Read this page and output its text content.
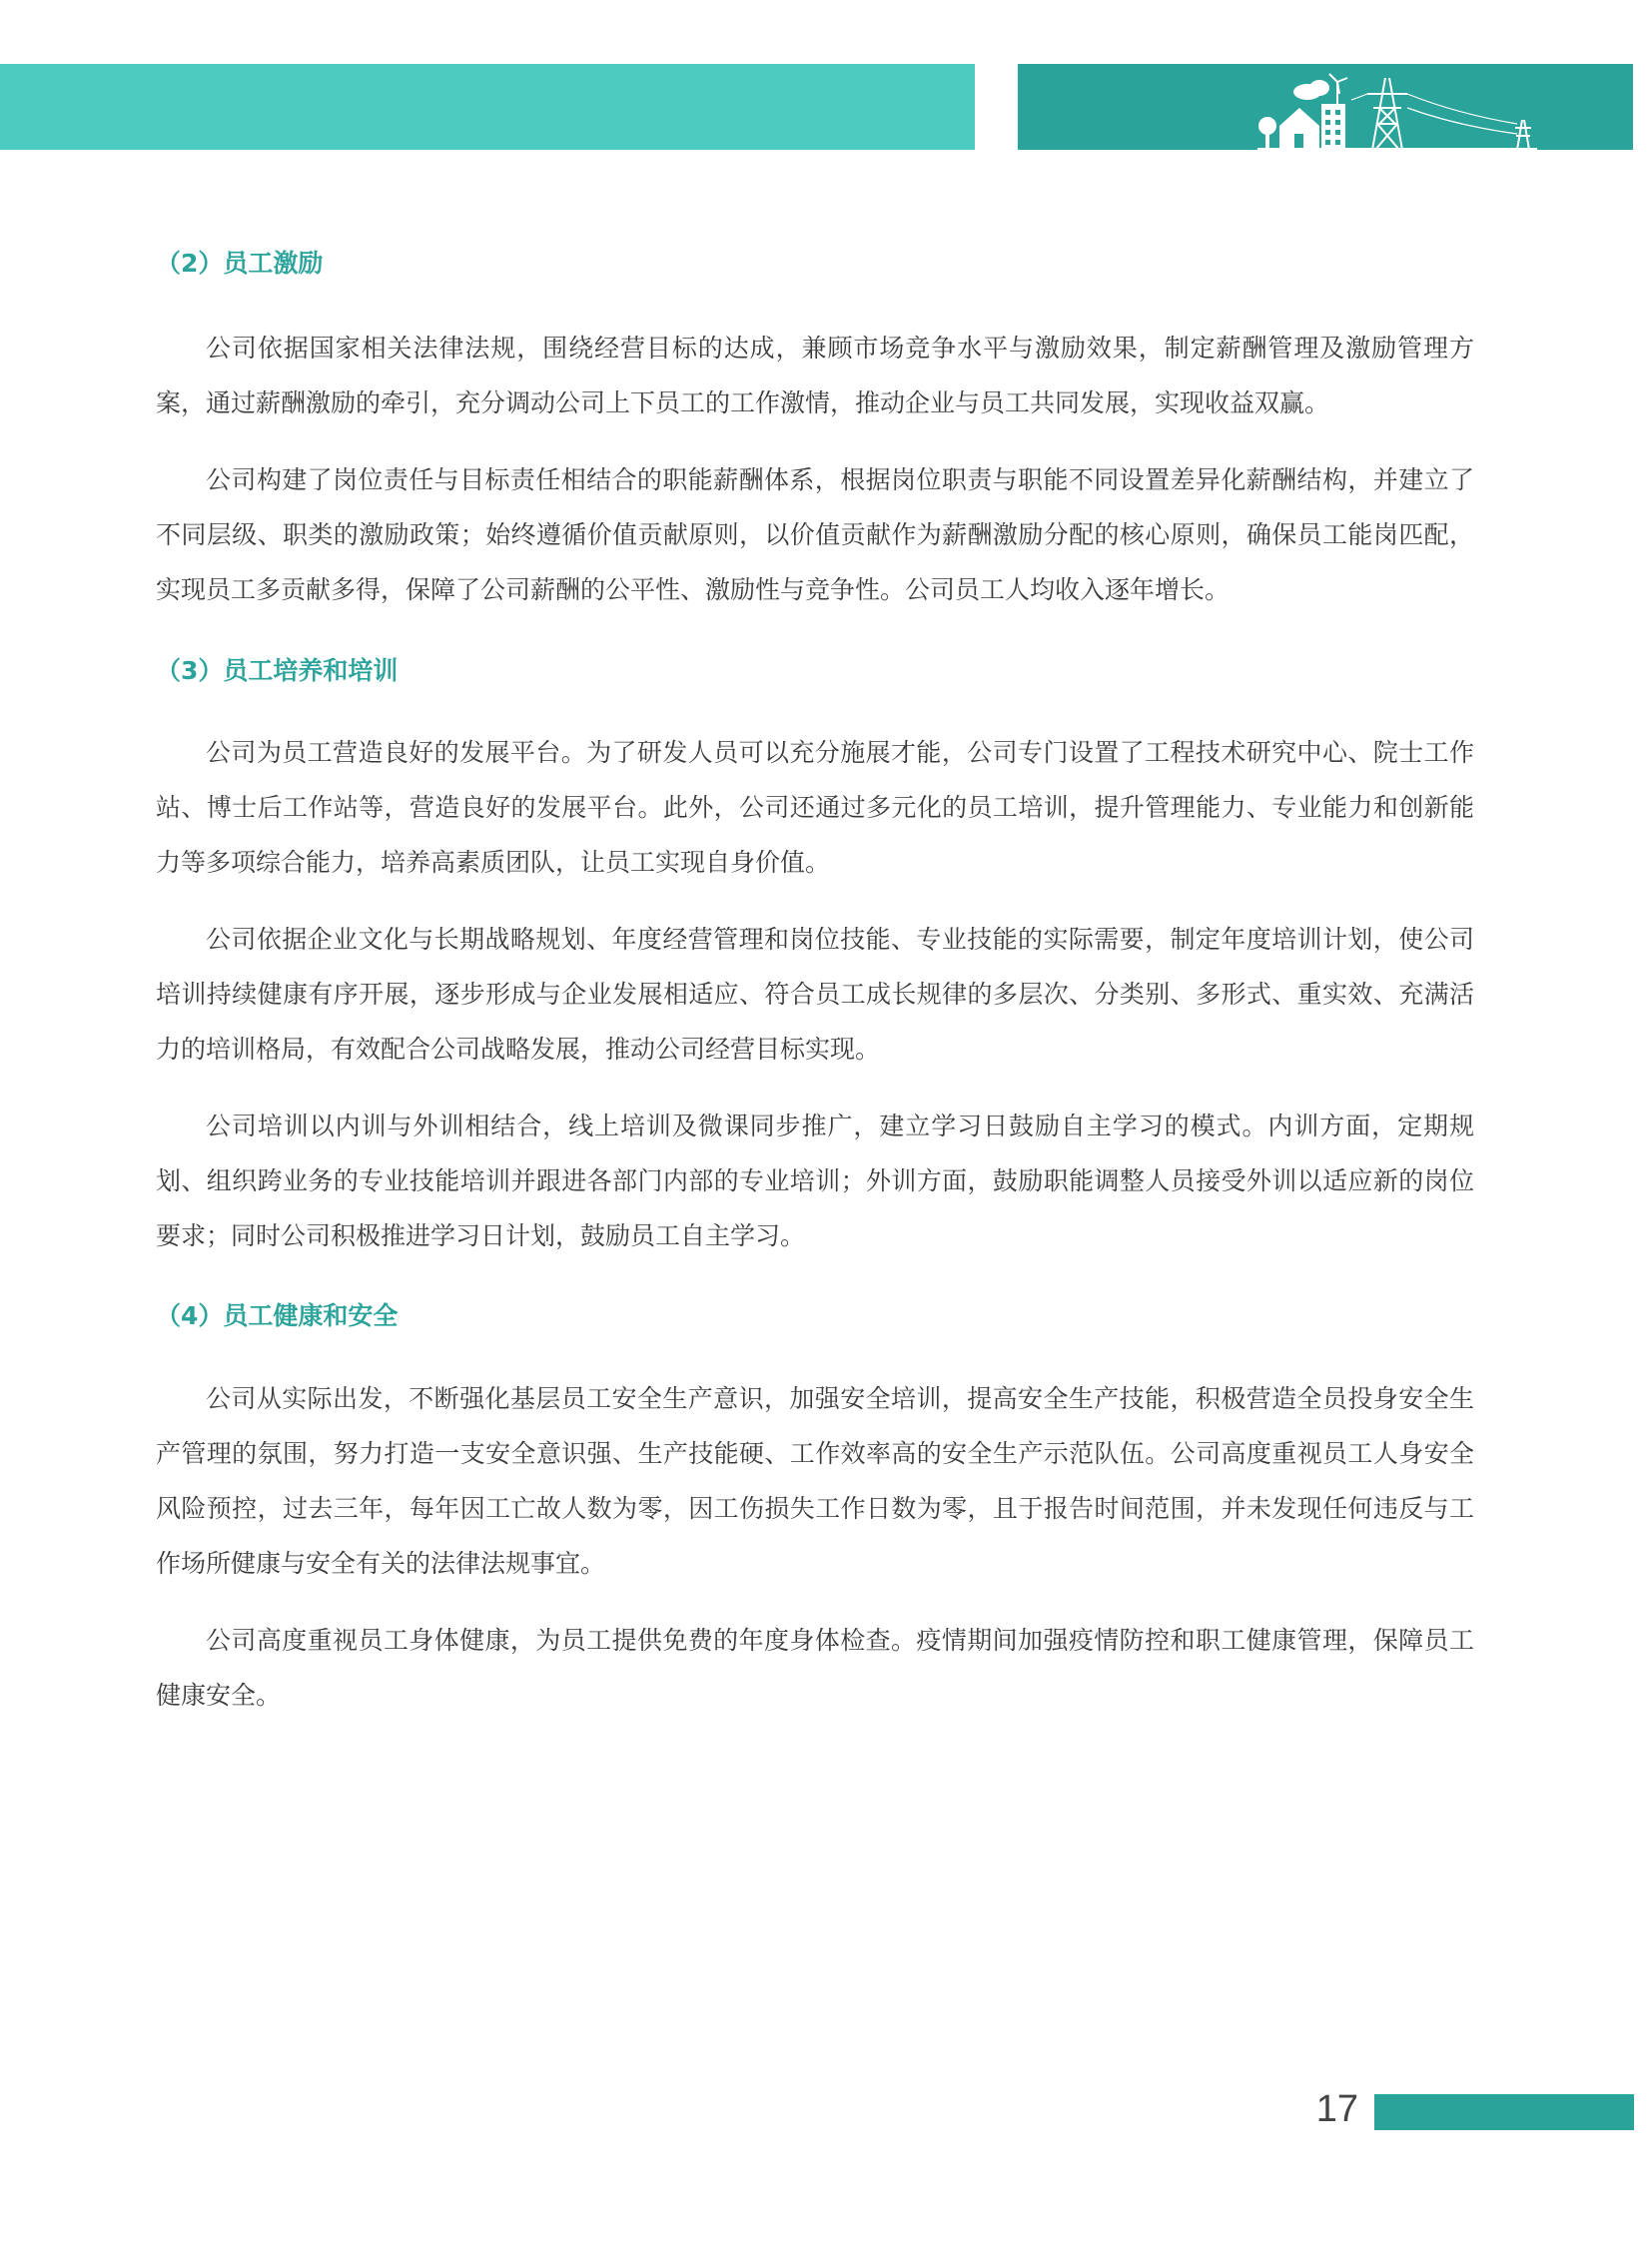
（2）员工激励

公司依据国家相关法律法规，围绕经营目标的达成，兼顾市场竞争水平与激励效果，制定薪酬管理及激励管理方案，通过薪酬激励的牵引，充分调动公司上下员工的工作激情，推动企业与员工共同发展，实现收益双赢。

公司构建了岗位责任与目标责任相结合的职能薪酬体系，根据岗位职责与职能不同设置差异化薪酬结构，并建立了不同层级、职类的激励政策；始终遵循价值贡献原则，以价值贡献作为薪酬激励分配的核心原则，确保员工能岗匹配，实现员工多贡献多得，保障了公司薪酬的公平性、激励性与竞争性。公司员工人均收入逐年增长。

（3）员工培养和培训

公司为员工营造良好的发展平台。为了研发人员可以充分施展才能，公司专门设置了工程技术研究中心、院士工作站、博士后工作站等，营造良好的发展平台。此外，公司还通过多元化的员工培训，提升管理能力、专业能力和创新能力等多项综合能力，培养高素质团队，让员工实现自身价值。

公司依据企业文化与长期战略规划、年度经营管理和岗位技能、专业技能的实际需要，制定年度培训计划，使公司培训持续健康有序开展，逐步形成与企业发展相适应、符合员工成长规律的多层次、分类别、多形式、重实效、充满活力的培训格局，有效配合公司战略发展，推动公司经营目标实现。

公司培训以内训与外训相结合，线上培训及微课同步推广，建立学习日鼓励自主学习的模式。内训方面，定期规划、组织跨业务的专业技能培训并跟进各部门内部的专业培训；外训方面，鼓励职能调整人员接受外训以适应新的岗位要求；同时公司积极推进学习日计划，鼓励员工自主学习。

（4）员工健康和安全

公司从实际出发，不断强化基层员工安全生产意识，加强安全培训，提高安全生产技能，积极营造全员投身安全生产管理的氛围，努力打造一支安全意识强、生产技能硬、工作效率高的安全生产示范队伍。公司高度重视员工人身安全风险预控，过去三年，每年因工亡故人数为零，因工伤损失工作日数为零，且于报告时间范围，并未发现任何违反与工作场所健康与安全有关的法律法规事宜。

公司高度重视员工身体健康，为员工提供免费的年度身体检查。疫情期间加强疫情防控和职工健康管理，保障员工健康安全。

17
